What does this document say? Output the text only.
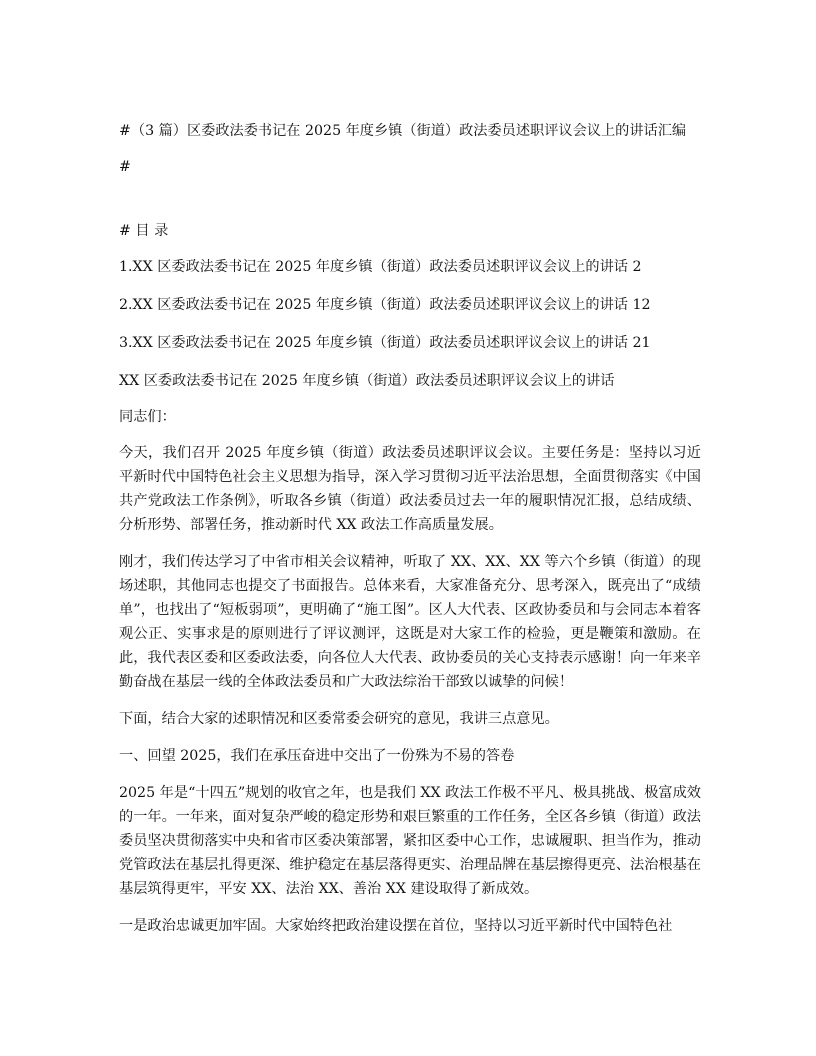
#（3 篇）区委政法委书记在 2025 年度乡镇（街道）政法委员述职评议会议上的讲话汇编

#

# 目 录

1.XX 区委政法委书记在 2025 年度乡镇（街道）政法委员述职评议会议上的讲话 2

2.XX 区委政法委书记在 2025 年度乡镇（街道）政法委员述职评议会议上的讲话 12

3.XX 区委政法委书记在 2025 年度乡镇（街道）政法委员述职评议会议上的讲话 21

XX 区委政法委书记在 2025 年度乡镇（街道）政法委员述职评议会议上的讲话

同志们：

今天，我们召开 2025 年度乡镇（街道）政法委员述职评议会议。主要任务是：坚持以习近平新时代中国特色社会主义思想为指导，深入学习贯彻习近平法治思想，全面贯彻落实《中国共产党政法工作条例》，听取各乡镇（街道）政法委员过去一年的履职情况汇报，总结成绩、分析形势、部署任务，推动新时代 XX 政法工作高质量发展。

刚才，我们传达学习了中省市相关会议精神，听取了 XX、XX、XX 等六个乡镇（街道）的现场述职，其他同志也提交了书面报告。总体来看，大家准备充分、思考深入，既亮出了“成绩单”，也找出了“短板弱项”，更明确了“施工图”。区人大代表、区政协委员和与会同志本着客观公正、实事求是的原则进行了评议测评，这既是对大家工作的检验，更是鞭策和激励。在此，我代表区委和区委政法委，向各位人大代表、政协委员的关心支持表示感谢！向一年来辛勤奋战在基层一线的全体政法委员和广大政法综治干部致以诚挚的问候！

下面，结合大家的述职情况和区委常委会研究的意见，我讲三点意见。

一、回望 2025，我们在承压奋进中交出了一份殊为不易的答卷

2025 年是“十四五”规划的收官之年，也是我们 XX 政法工作极不平凡、极具挑战、极富成效的一年。一年来，面对复杂严峻的稳定形势和艰巨繁重的工作任务，全区各乡镇（街道）政法委员坚决贯彻落实中央和省市区委决策部署，紧扣区委中心工作，忠诚履职、担当作为，推动党管政法在基层扎得更深、维护稳定在基层落得更实、治理品牌在基层擦得更亮、法治根基在基层筑得更牢，平安 XX、法治 XX、善治 XX 建设取得了新成效。

一是政治忠诚更加牢固。大家始终把政治建设摆在首位，坚持以习近平新时代中国特色社
